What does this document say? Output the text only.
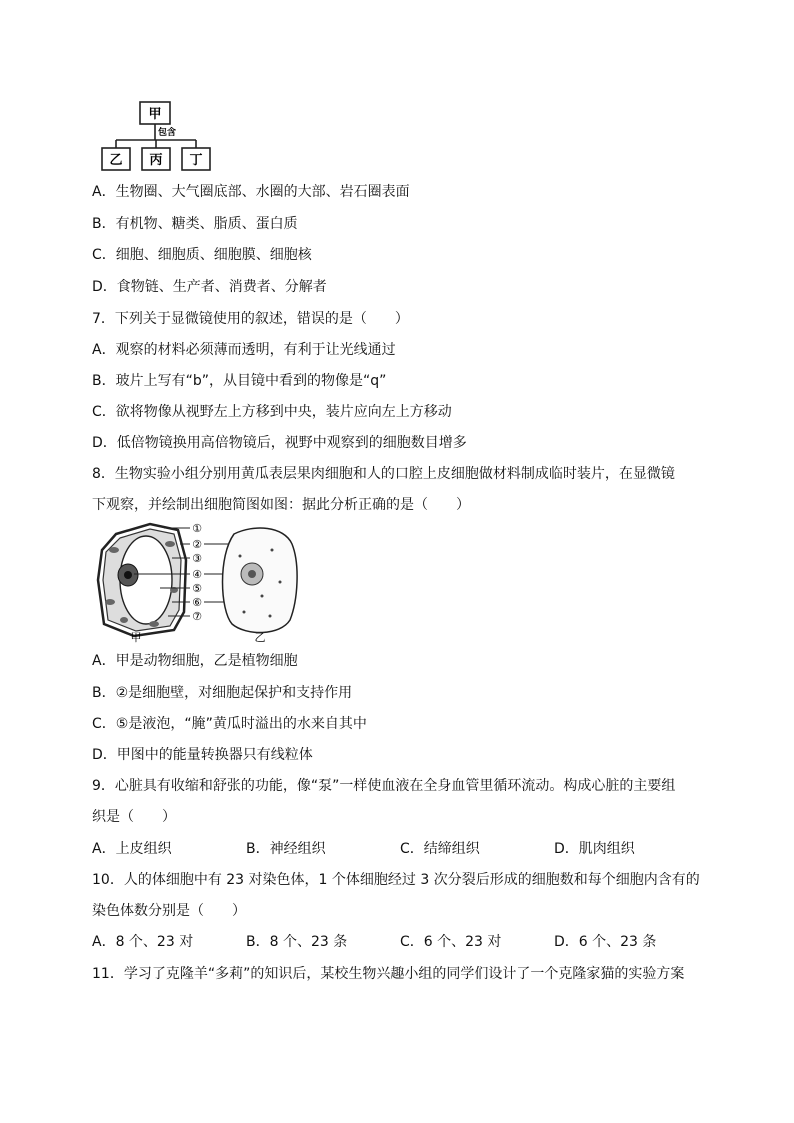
甲
包含
乙 丙 丁
A．生物圈、大气圈底部、水圈的大部、岩石圈表面
B．有机物、糖类、脂质、蛋白质
C．细胞、细胞质、细胞膜、细胞核
D．食物链、生产者、消费者、分解者
7．下列关于显微镜使用的叙述，错误的是（　　）
A．观察的材料必须薄而透明，有利于让光线通过
B．玻片上写有“b”，从目镜中看到的物像是“q”
C．欲将物像从视野左上方移到中央，装片应向左上方移动
D．低倍物镜换用高倍物镜后，视野中观察到的细胞数目增多
8．生物实验小组分别用黄瓜表层果肉细胞和人的口腔上皮细胞做材料制成临时装片，在显微镜
下观察，并绘制出细胞简图如图：据此分析正确的是（　　）
①
②
③
④
⑤
⑥
⑦
甲	乙
A．甲是动物细胞，乙是植物细胞
B．②是细胞壁，对细胞起保护和支持作用
C．⑤是液泡，“腌”黄瓜时溢出的水来自其中
D．甲图中的能量转换器只有线粒体
9．心脏具有收缩和舒张的功能，像“泵”一样使血液在全身血管里循环流动。构成心脏的主要组
织是（　　）
A．上皮组织	B．神经组织	C．结缔组织	D．肌肉组织
10．人的体细胞中有 23 对染色体，1 个体细胞经过 3 次分裂后形成的细胞数和每个细胞内含有的
染色体数分别是（　　）
A．8 个、23 对	B．8 个、23 条	C．6 个、23 对	D．6 个、23 条
11．学习了克隆羊“多莉”的知识后，某校生物兴趣小组的同学们设计了一个克隆家猫的实验方案
